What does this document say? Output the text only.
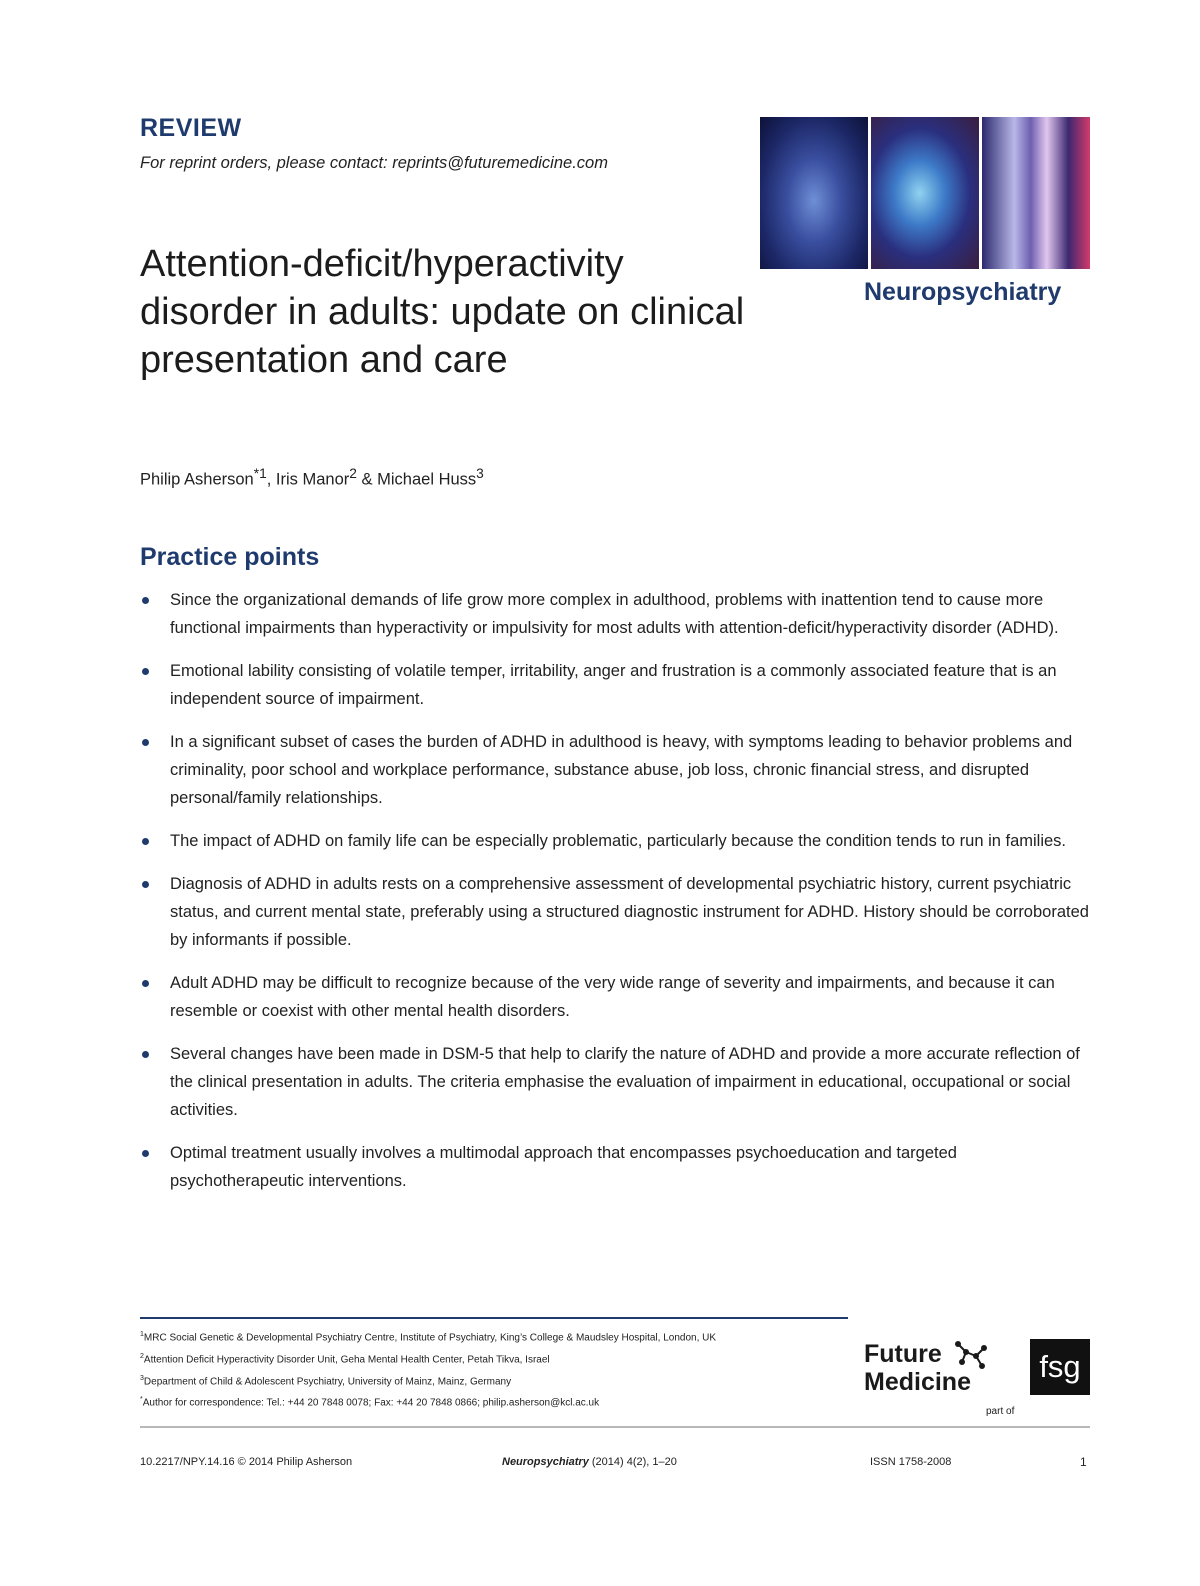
REVIEW
For reprint orders, please contact: reprints@futuremedicine.com
Neuropsychiatry
Attention-deficit/hyperactivity disorder in adults: update on clinical presentation and care
Philip Asherson$^{*1}$, Iris Manor$^2$ & Michael Huss$^3$
Practice points
Since the organizational demands of life grow more complex in adulthood, problems with inattention tend to cause more functional impairments than hyperactivity or impulsivity for most adults with attention-deficit/hyperactivity disorder (ADHD).
Emotional lability consisting of volatile temper, irritability, anger and frustration is a commonly associated feature that is an independent source of impairment.
In a significant subset of cases the burden of ADHD in adulthood is heavy, with symptoms leading to behavior problems and criminality, poor school and workplace performance, substance abuse, job loss, chronic financial stress, and disrupted personal/family relationships.
The impact of ADHD on family life can be especially problematic, particularly because the condition tends to run in families.
Diagnosis of ADHD in adults rests on a comprehensive assessment of developmental psychiatric history, current psychiatric status, and current mental state, preferably using a structured diagnostic instrument for ADHD. History should be corroborated by informants if possible.
Adult ADHD may be difficult to recognize because of the very wide range of severity and impairments, and because it can resemble or coexist with other mental health disorders.
Several changes have been made in DSM-5 that help to clarify the nature of ADHD and provide a more accurate reflection of the clinical presentation in adults. The criteria emphasise the evaluation of impairment in educational, occupational or social activities.
Optimal treatment usually involves a multimodal approach that encompasses psychoeducation and targeted psychotherapeutic interventions.
$^1$MRC Social Genetic & Developmental Psychiatry Centre, Institute of Psychiatry, King’s College & Maudsley Hospital, London, UK
$^2$Attention Deficit Hyperactivity Disorder Unit, Geha Mental Health Center, Petah Tikva, Israel
$^3$Department of Child & Adolescent Psychiatry, University of Mainz, Mainz, Germany
*Author for correspondence: Tel.: +44 20 7848 0078; Fax: +44 20 7848 0866; philip.asherson@kcl.ac.uk
Future
Medicine
part of
fsg
10.2217/NPY.14.16 © 2014 Philip Asherson	Neuropsychiatry (2014) 4(2), 1–20	ISSN 1758-2008	1
